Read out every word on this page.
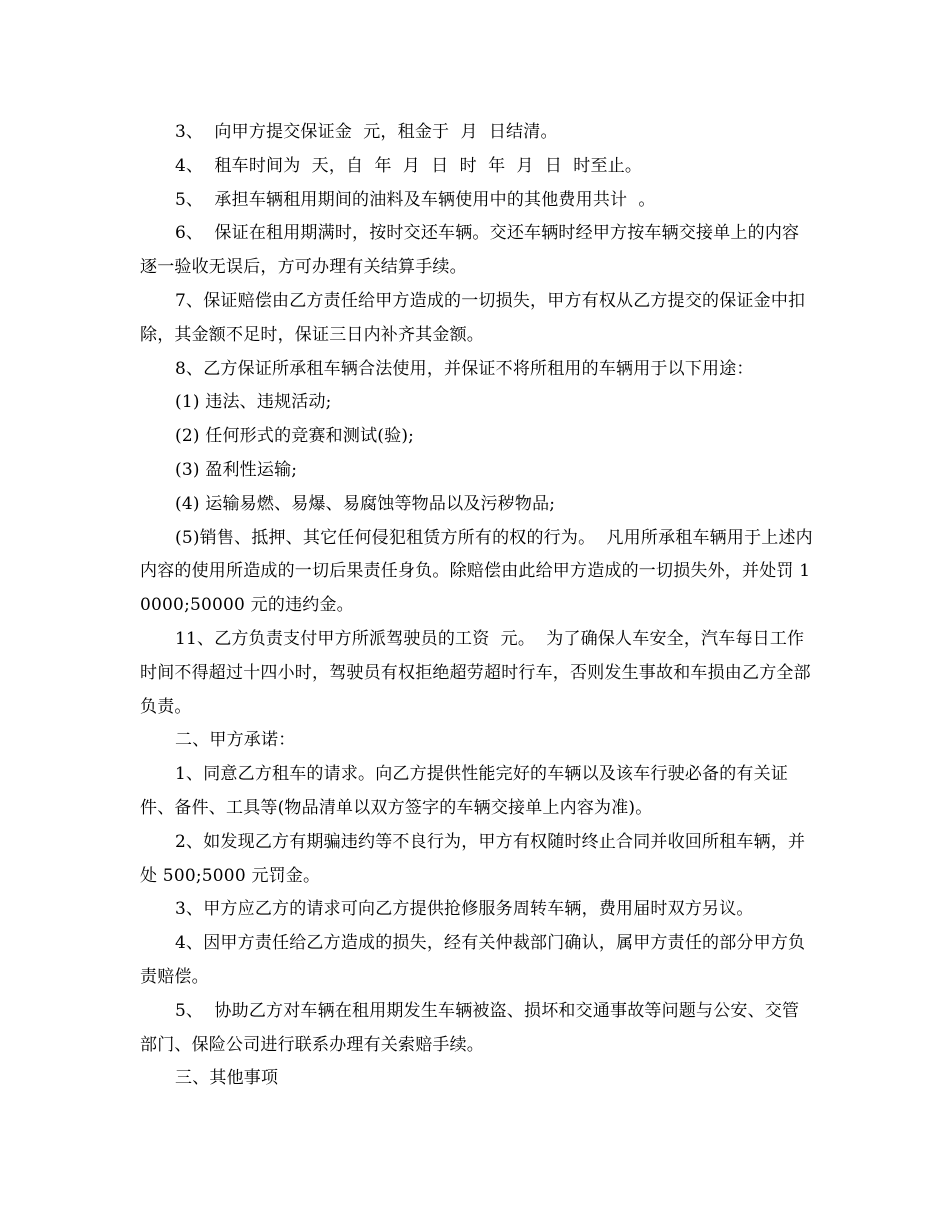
3、  向甲方提交保证金  元，租金于  月  日结清。

4、  租车时间为  天，自  年  月  日  时  年  月  日  时至止。

5、  承担车辆租用期间的油料及车辆使用中的其他费用共计  。

6、  保证在租用期满时，按时交还车辆。交还车辆时经甲方按车辆交接单上的内容逐一验收无误后，方可办理有关结算手续。

7、保证赔偿由乙方责任给甲方造成的一切损失，甲方有权从乙方提交的保证金中扣除，其金额不足时，保证三日内补齐其金额。

8、乙方保证所承租车辆合法使用，并保证不将所租用的车辆用于以下用途：

(1) 违法、违规活动;

(2) 任何形式的竞赛和测试(验);

(3) 盈利性运输;

(4) 运输易燃、易爆、易腐蚀等物品以及污秽物品;

(5)销售、抵押、其它任何侵犯租赁方所有的权的行为。  凡用所承租车辆用于上述内内容的使用所造成的一切后果责任身负。除赔偿由此给甲方造成的一切损失外，并处罚 10000;50000 元的违约金。

11、乙方负责支付甲方所派驾驶员的工资  元。  为了确保人车安全，汽车每日工作时间不得超过十四小时，驾驶员有权拒绝超劳超时行车，否则发生事故和车损由乙方全部负责。

二、甲方承诺：

1、同意乙方租车的请求。向乙方提供性能完好的车辆以及该车行驶必备的有关证件、备件、工具等(物品清单以双方签字的车辆交接单上内容为准)。

2、如发现乙方有期骗违约等不良行为，甲方有权随时终止合同并收回所租车辆，并处 500;5000 元罚金。

3、甲方应乙方的请求可向乙方提供抢修服务周转车辆，费用届时双方另议。

4、因甲方责任给乙方造成的损失，经有关仲裁部门确认，属甲方责任的部分甲方负责赔偿。

5、  协助乙方对车辆在租用期发生车辆被盗、损坏和交通事故等问题与公安、交管部门、保险公司进行联系办理有关索赔手续。

三、其他事项
